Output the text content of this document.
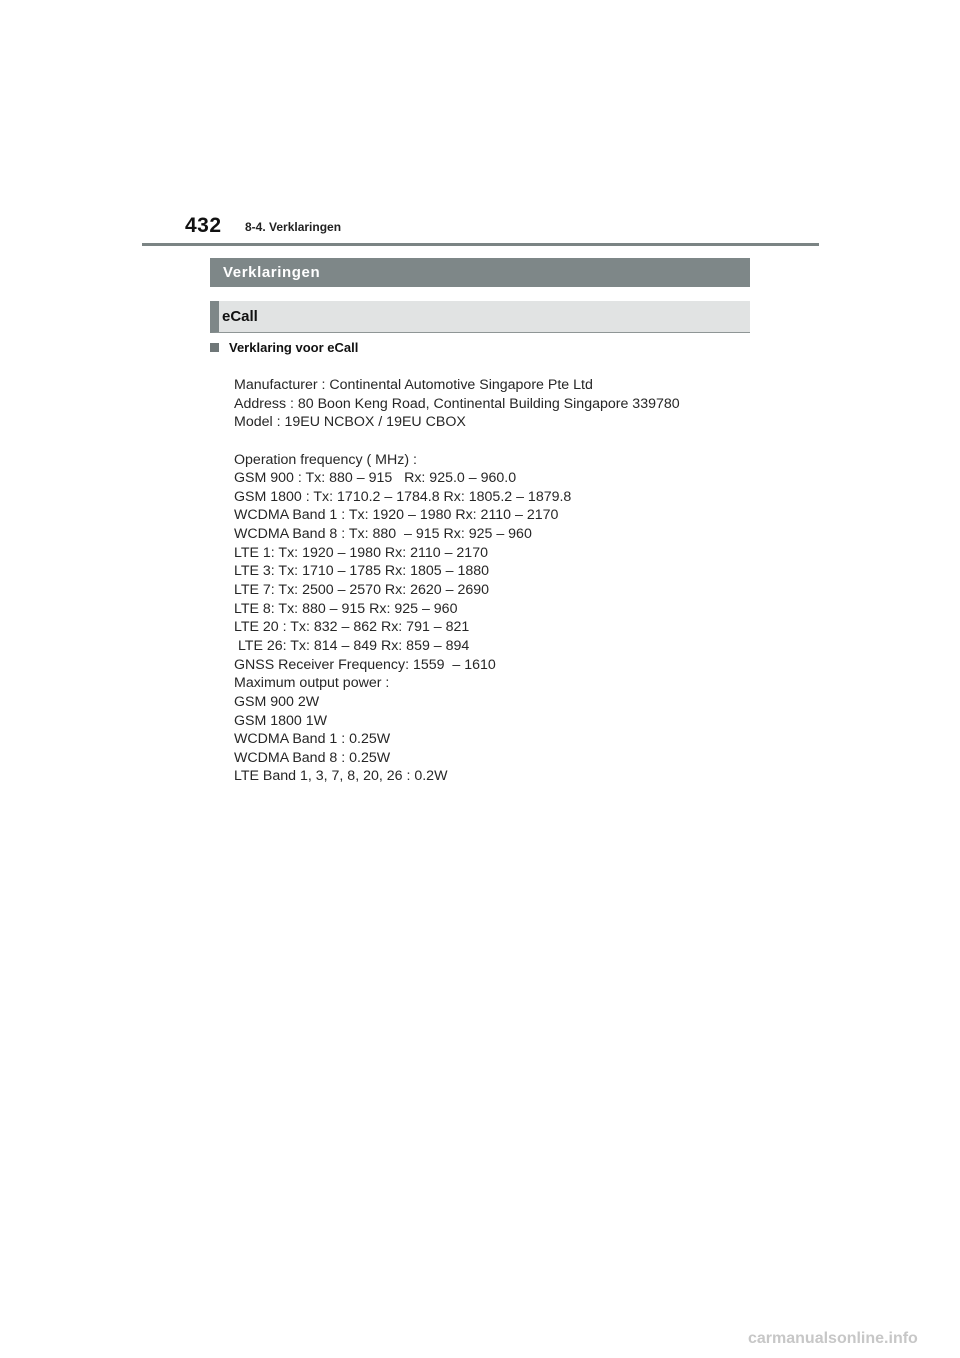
432 8-4. Verklaringen
Verklaringen
eCall
Verklaring voor eCall
Manufacturer : Continental Automotive Singapore Pte Ltd
Address : 80 Boon Keng Road, Continental Building Singapore 339780
Model : 19EU NCBOX / 19EU CBOX
Operation frequency ( MHz) :
GSM 900 : Tx: 880 – 915   Rx: 925.0 – 960.0
GSM 1800 : Tx: 1710.2 – 1784.8 Rx: 1805.2 – 1879.8
WCDMA Band 1 : Tx: 1920 – 1980 Rx: 2110 – 2170
WCDMA Band 8 : Tx: 880  – 915 Rx: 925 – 960
LTE 1: Tx: 1920 – 1980 Rx: 2110 – 2170
LTE 3: Tx: 1710 – 1785 Rx: 1805 – 1880
LTE 7: Tx: 2500 – 2570 Rx: 2620 – 2690
LTE 8: Tx: 880 – 915 Rx: 925 – 960
LTE 20 : Tx: 832 – 862 Rx: 791 – 821
LTE 26: Tx: 814 – 849 Rx: 859 – 894
GNSS Receiver Frequency: 1559  – 1610
Maximum output power :
GSM 900 2W
GSM 1800 1W
WCDMA Band 1 : 0.25W
WCDMA Band 8 : 0.25W
LTE Band 1, 3, 7, 8, 20, 26 : 0.2W
carmanualsonline.info
